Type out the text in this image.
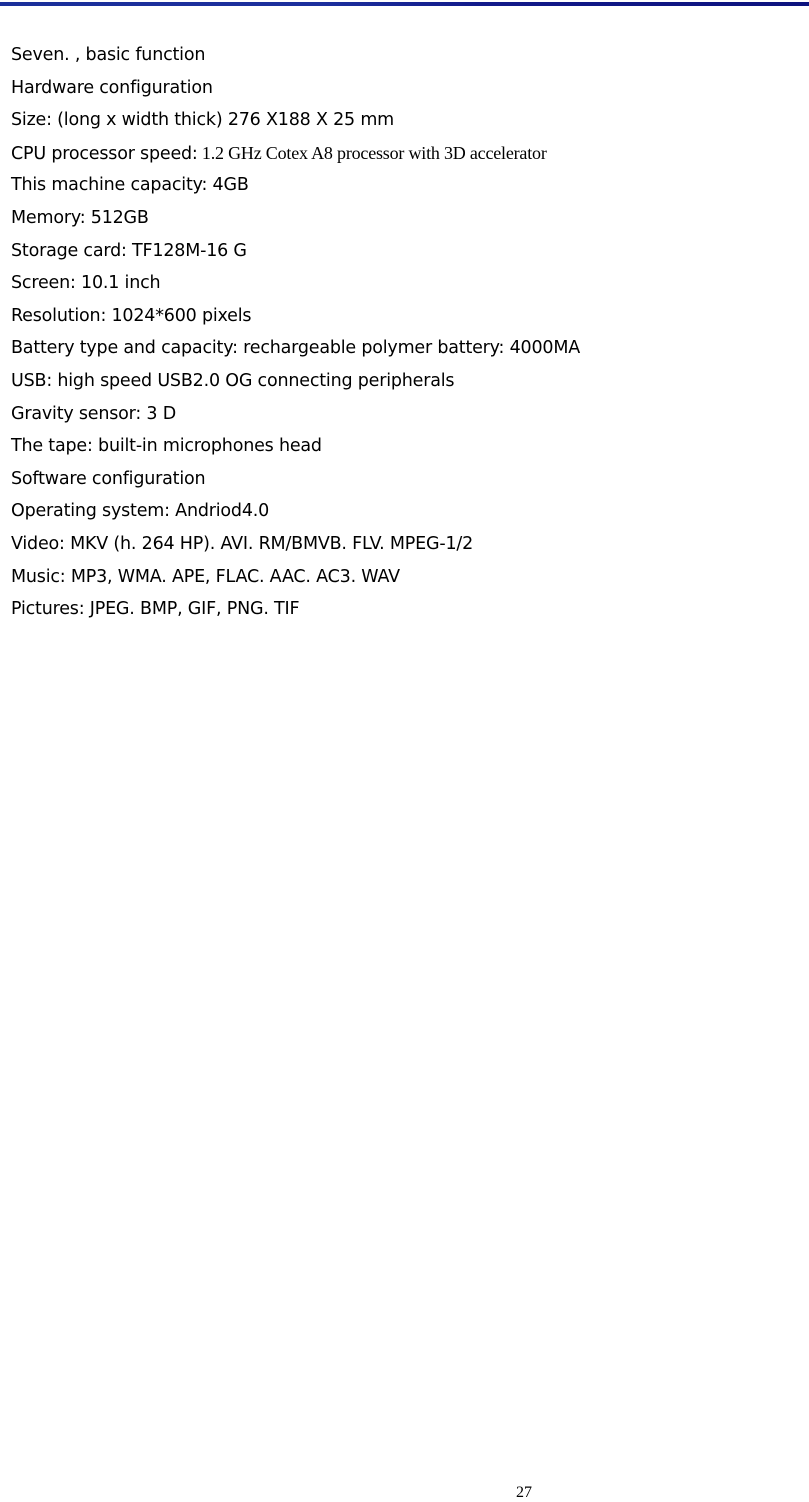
Seven. , basic function
Hardware configuration
Size: (long x width thick) 276 X188 X 25 mm
CPU processor speed: 1.2 GHz Cotex A8 processor with 3D accelerator
This machine capacity: 4GB
Memory: 512GB
Storage card: TF128M-16 G
Screen: 10.1 inch
Resolution: 1024*600 pixels
Battery type and capacity: rechargeable polymer battery: 4000MA
USB: high speed USB2.0 OG connecting peripherals
Gravity sensor: 3 D
The tape: built-in microphones head
Software configuration
Operating system: Andriod4.0
Video: MKV (h. 264 HP). AVI. RM/BMVB. FLV. MPEG-1/2
Music: MP3, WMA. APE, FLAC. AAC. AC3. WAV
Pictures: JPEG. BMP, GIF, PNG. TIF
27
